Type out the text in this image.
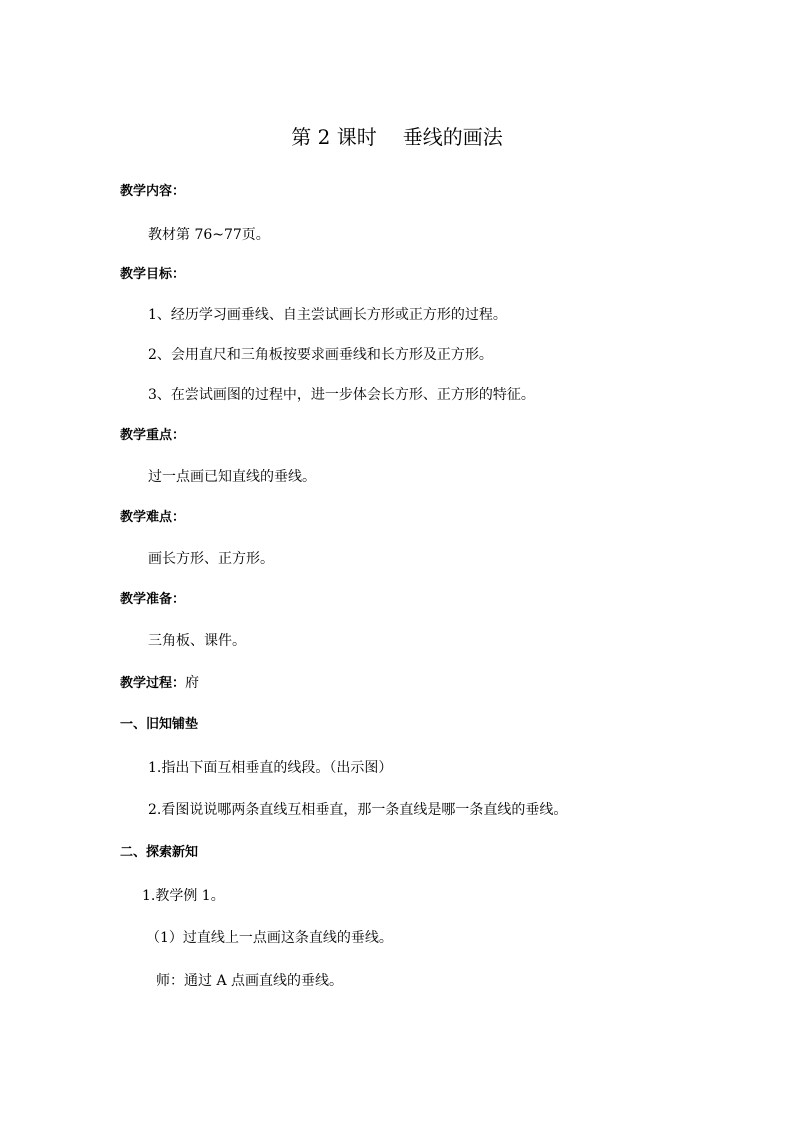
第 2 课时 垂线的画法
教学内容：
教材第 76~77页。
教学目标：
1、经历学习画垂线、自主尝试画长方形或正方形的过程。
2、会用直尺和三角板按要求画垂线和长方形及正方形。
3、在尝试画图的过程中，进一步体会长方形、正方形的特征。
教学重点：
过一点画已知直线的垂线。
教学难点：
画长方形、正方形。
教学准备：
三角板、课件。
教学过程：府
一、旧知铺垫
1.指出下面互相垂直的线段。（出示图）
2.看图说说哪两条直线互相垂直，那一条直线是哪一条直线的垂线。
二、探索新知
1.教学例 1。
（1）过直线上一点画这条直线的垂线。
师：通过 A 点画直线的垂线。
